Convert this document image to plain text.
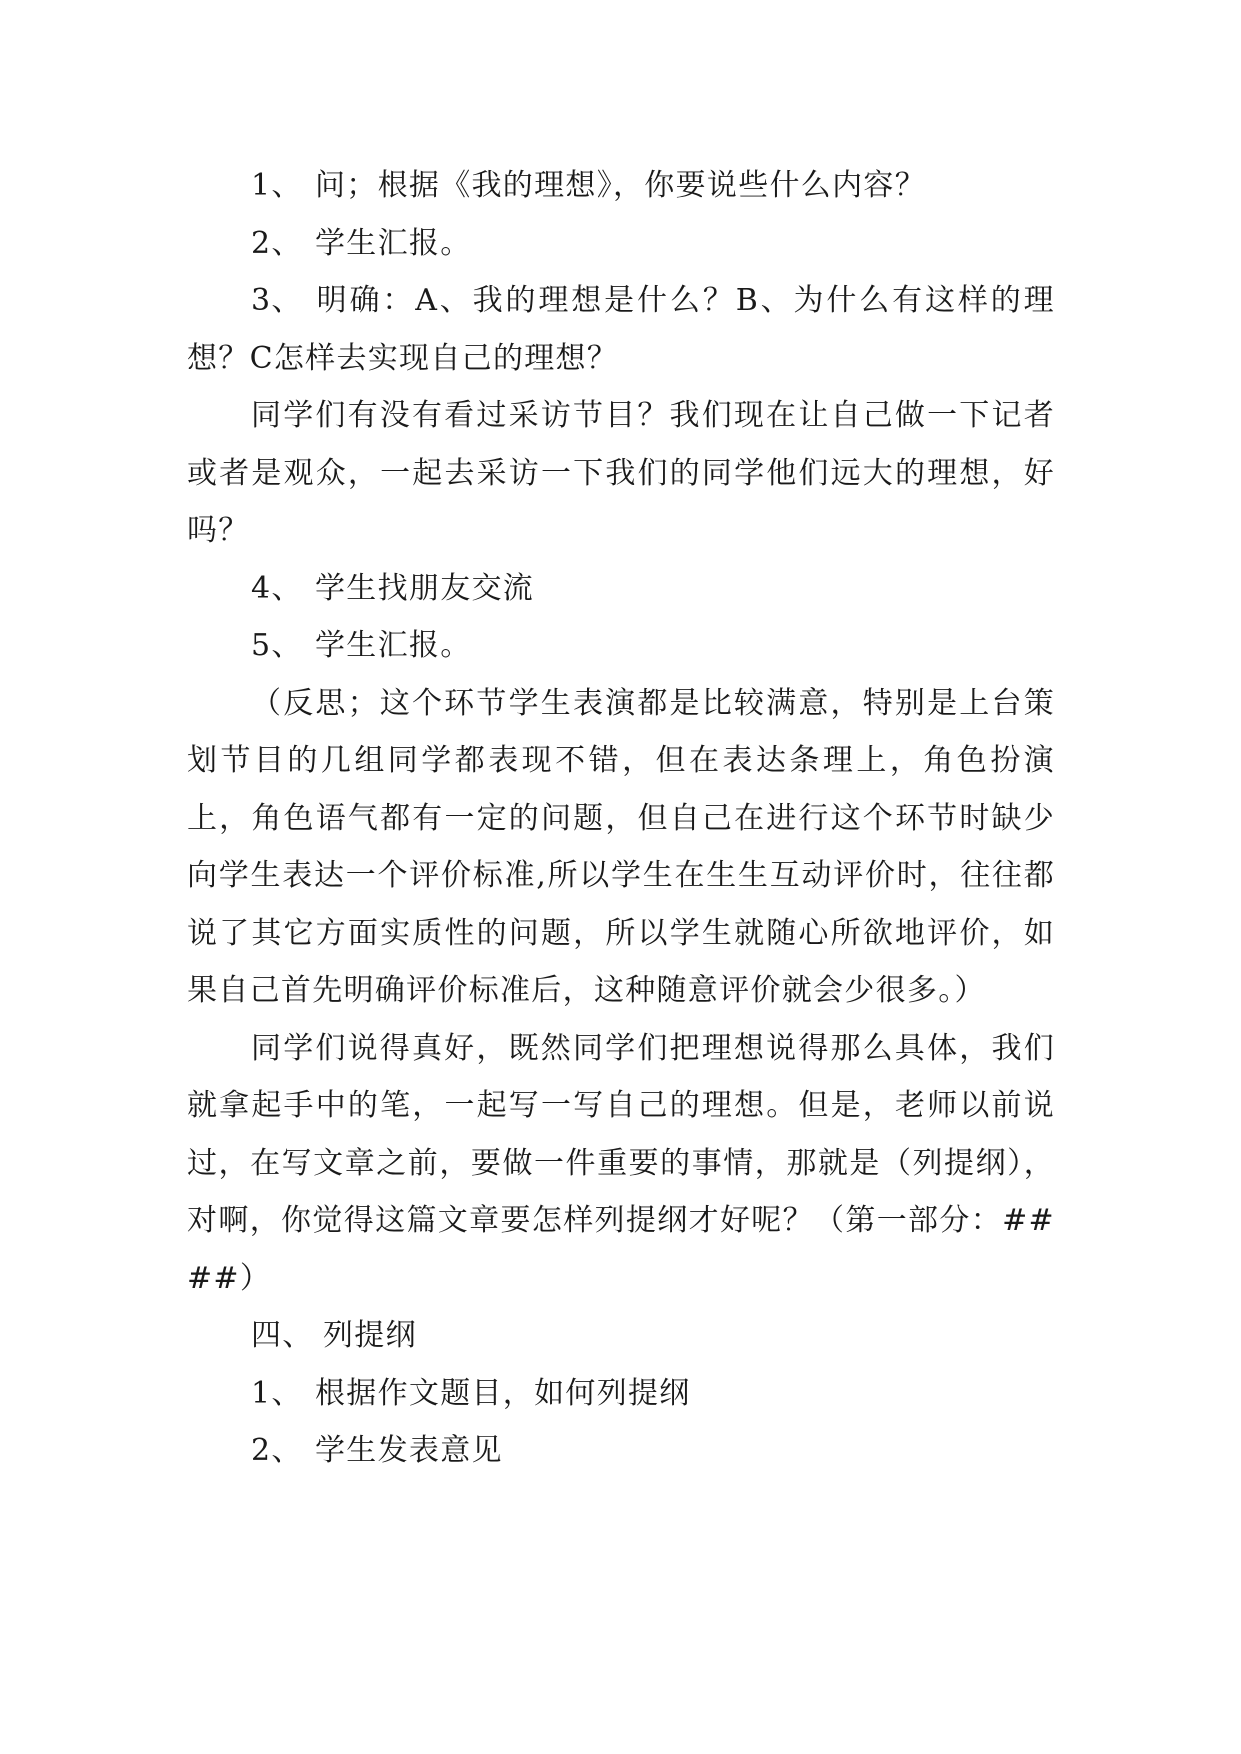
1、 问；根据《我的理想》，你要说些什么内容？

2、 学生汇报。

3、 明确：A、我的理想是什么？B、为什么有这样的理想？C怎样去实现自己的理想？

同学们有没有看过采访节目？我们现在让自己做一下记者或者是观众，一起去采访一下我们的同学他们远大的理想，好吗？

4、 学生找朋友交流

5、 学生汇报。

（反思；这个环节学生表演都是比较满意，特别是上台策划节目的几组同学都表现不错，但在表达条理上，角色扮演上，角色语气都有一定的问题，但自己在进行这个环节时缺少向学生表达一个评价标准,所以学生在生生互动评价时，往往都说了其它方面实质性的问题，所以学生就随心所欲地评价，如果自己首先明确评价标准后，这种随意评价就会少很多。）

同学们说得真好，既然同学们把理想说得那么具体，我们就拿起手中的笔，一起写一写自己的理想。但是，老师以前说过，在写文章之前，要做一件重要的事情，那就是（列提纲），对啊，你觉得这篇文章要怎样列提纲才好呢？（第一部分：####）

四、 列提纲

1、 根据作文题目，如何列提纲

2、 学生发表意见
